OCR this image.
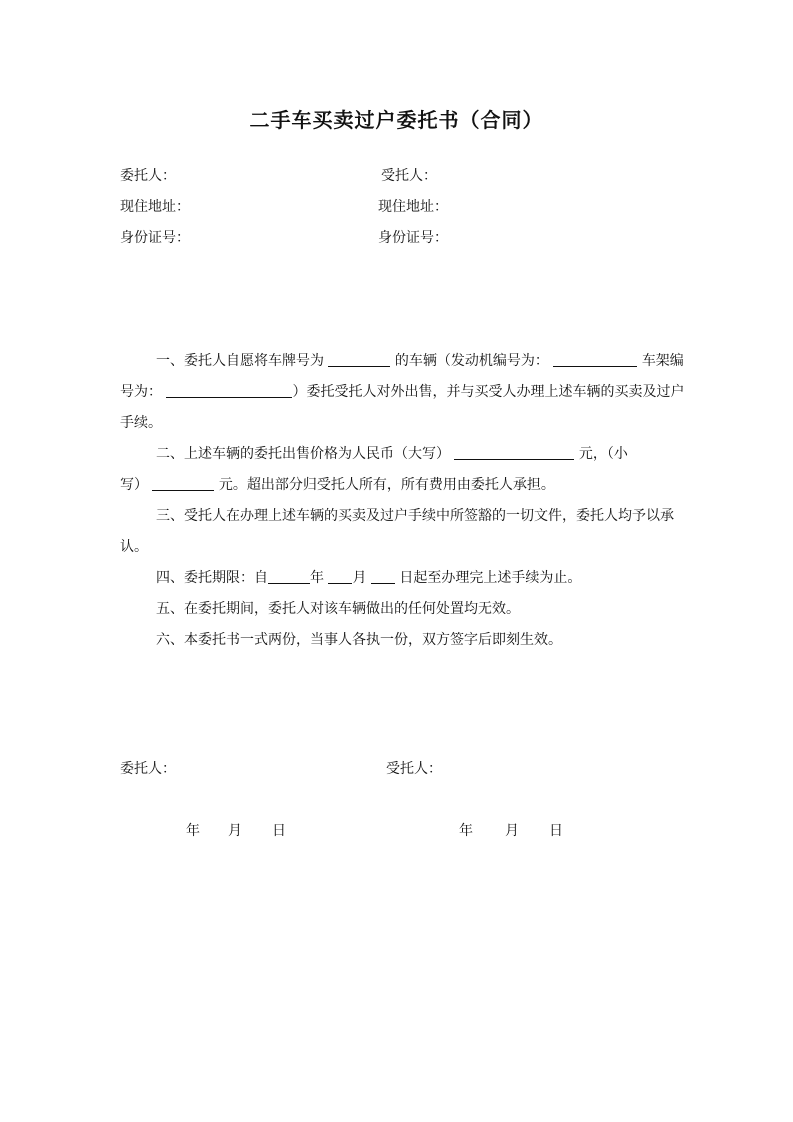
二手车买卖过户委托书（合同）
委托人：	受托人：
现住地址：	现住地址：
身份证号：	身份证号：
一、委托人自愿将车牌号为	的车辆（发动机编号为：	车架编
号为：	）委托受托人对外出售，并与买受人办理上述车辆的买卖及过户
手续。
二、上述车辆的委托出售价格为人民币（大写）	元，（小
写）	元。超出部分归受托人所有，所有费用由委托人承担。
三、受托人在办理上述车辆的买卖及过户手续中所签豁的一切文件，委托人均予以承
认。
四、委托期限：自	年 月 日起至办理完上述手续为止。
五、在委托期间，委托人对该车辆做出的任何处置均无效。
六、本委托书一式两份，当事人各执一份，双方签字后即刻生效。
委托人：	受托人：
年 月 日	年 月 日
